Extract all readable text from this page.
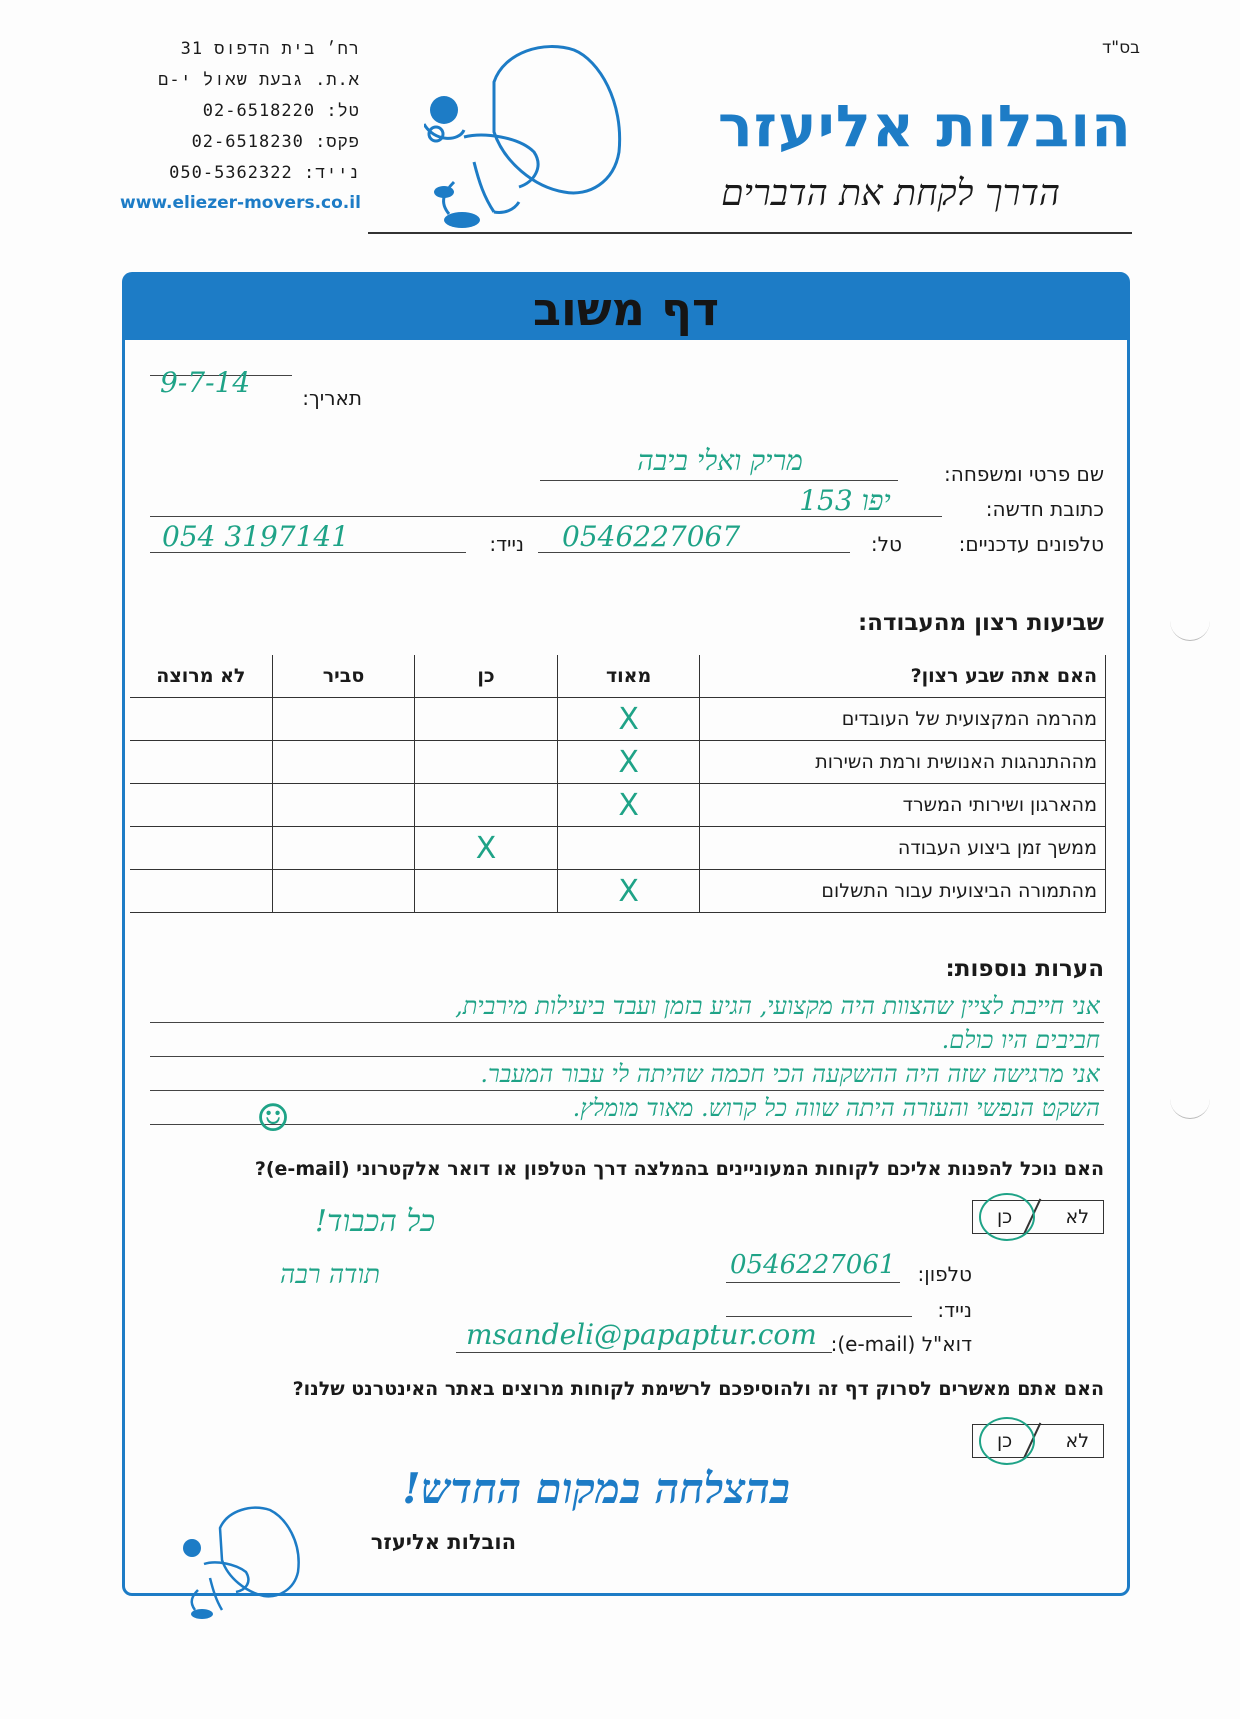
בס"ד
רח׳ בית הדפוס 31
א.ת. גבעת שאול י-ם
טל: 02-6518220
פקס: 02-6518230
נייד: 050-5362322
www.eliezer-movers.co.il
הובלות אליעזר
הדרך לקחת את הדברים
דף משוב
תאריך:
9-7-14
שם פרטי ומשפחה:
מריק ואלי ביבה
כתובת חדשה:
יפו 153
טלפונים עדכניים:
טל:
0546227067
נייד:
054 3197141
שביעות רצון מהעבודה:
האם אתה שבע רצון?	מאוד	כן	סביר	לא מרוצה
מהרמה המקצועית של העובדים	X			
מההתנהגות האנושית ורמת השירות	X			
מהארגון ושירותי המשרד	X			
ממשך זמן ביצוע העבודה		X		
מהתמורה הביצועית עבור התשלום	X			
הערות נוספות:
אני חייבת לציין שהצוות היה מקצועי, הגיע בזמן ועבד ביעילות מירבית,
חביבים היו כולם.
אני מרגישה שזה היה ההשקעה הכי חכמה שהיתה לי עבור המעבר.
השקט הנפשי והעזרה היתה שווה כל קרוש. מאוד מומלץ.
☺
האם נוכל להפנות אליכם לקוחות המעוניינים בהמלצה דרך הטלפון או דואר אלקטרוני (e-mail)?
לא
כן
כל הכבוד!
תודה רבה	טלפון:
0546227061
נייד:
דוא"ל (e-mail):
msandeli@papaptur.com
האם אתם מאשרים לסרוק דף זה ולהוסיפכם לרשימת לקוחות מרוצים באתר האינטרנט שלנו?
לא
כן
בהצלחה במקום החדש!
הובלות אליעזר
